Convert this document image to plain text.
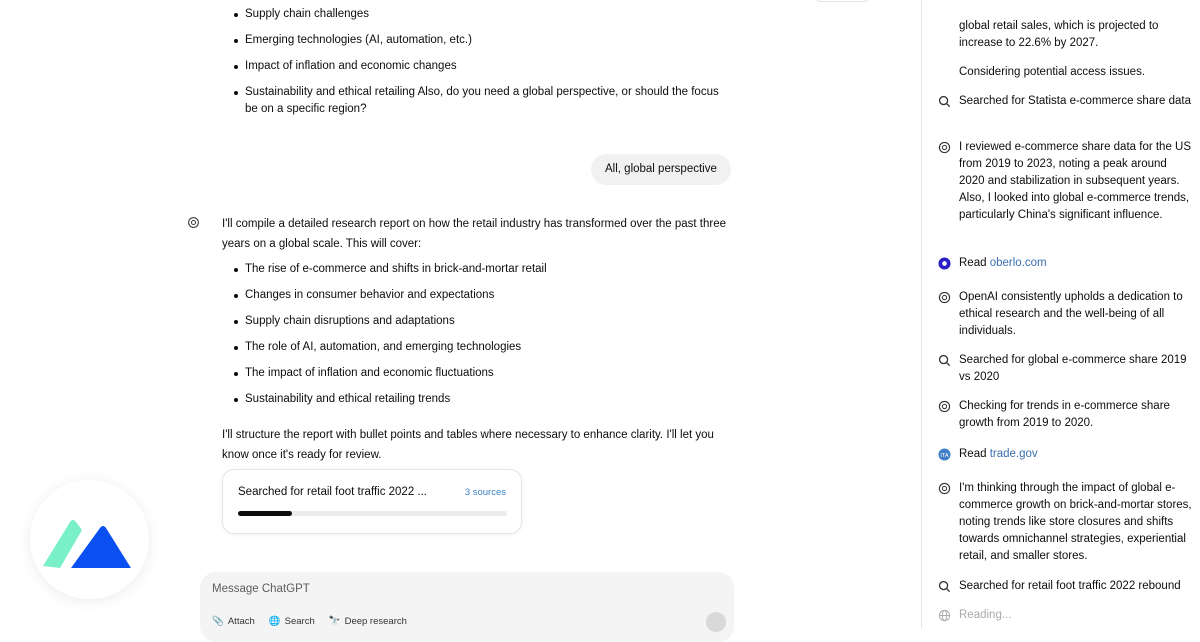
Supply chain challenges
Emerging technologies (AI, automation, etc.)
Impact of inflation and economic changes
Sustainability and ethical retailing Also, do you need a global perspective, or should the focus be on a specific region?
All, global perspective
I'll compile a detailed research report on how the retail industry has transformed over the past three years on a global scale. This will cover:
The rise of e-commerce and shifts in brick-and-mortar retail
Changes in consumer behavior and expectations
Supply chain disruptions and adaptations
The role of AI, automation, and emerging technologies
The impact of inflation and economic fluctuations
Sustainability and ethical retailing trends
I'll structure the report with bullet points and tables where necessary to enhance clarity. I'll let you know once it's ready for review.
Searched for retail foot traffic 2022 ...	3 sources
Message ChatGPT
📎 Attach 🌐 Search 🔭 Deep research
global retail sales, which is projected to increase to 22.6% by 2027.
Considering potential access issues.
Searched for Statista e-commerce share data
I reviewed e-commerce share data for the US from 2019 to 2023, noting a peak around 2020 and stabilization in subsequent years. Also, I looked into global e-commerce trends, particularly China's significant influence.
Read oberlo.com
OpenAI consistently upholds a dedication to ethical research and the well-being of all individuals.
Searched for global e-commerce share 2019 vs 2020
Checking for trends in e-commerce share growth from 2019 to 2020.
ITA Read trade.gov
I'm thinking through the impact of global e-commerce growth on brick-and-mortar stores, noting trends like store closures and shifts towards omnichannel strategies, experiential retail, and smaller stores.
Searched for retail foot traffic 2022 rebound
Reading...
